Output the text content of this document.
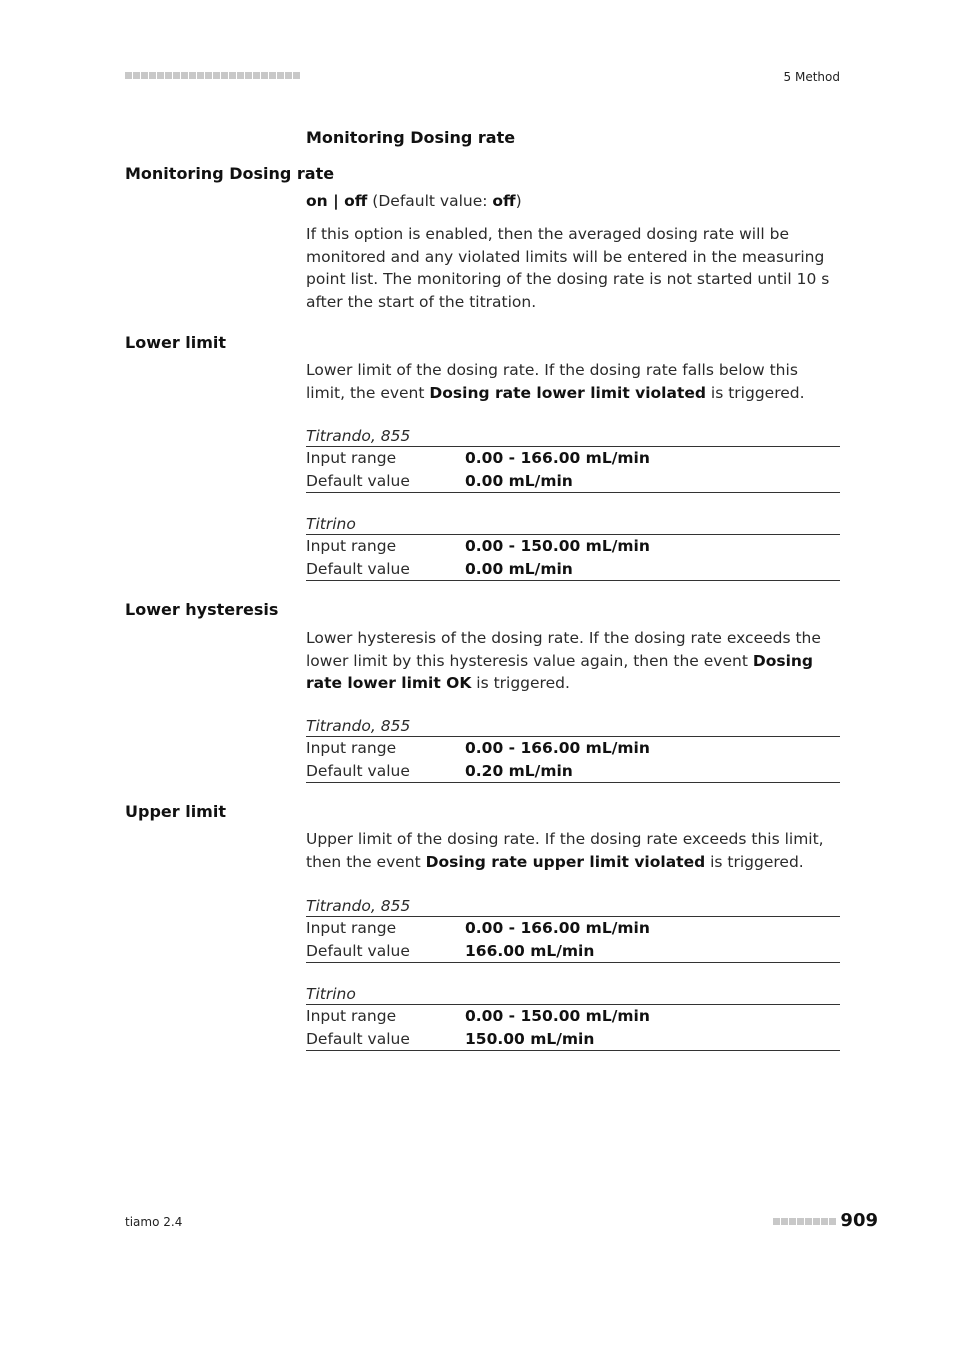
5 Method
Monitoring Dosing rate
Monitoring Dosing rate
on | off (Default value: off)
If this option is enabled, then the averaged dosing rate will be monitored and any violated limits will be entered in the measuring point list. The monitoring of the dosing rate is not started until 10 s after the start of the titration.
Lower limit
Lower limit of the dosing rate. If the dosing rate falls below this limit, the event Dosing rate lower limit violated is triggered.
Titrando, 855
Input range	0.00 - 166.00 mL/min
Default value	0.00 mL/min
Titrino
Input range	0.00 - 150.00 mL/min
Default value	0.00 mL/min
Lower hysteresis
Lower hysteresis of the dosing rate. If the dosing rate exceeds the lower limit by this hysteresis value again, then the event Dosing rate lower limit OK is triggered.
Titrando, 855
Input range	0.00 - 166.00 mL/min
Default value	0.20 mL/min
Upper limit
Upper limit of the dosing rate. If the dosing rate exceeds this limit, then the event Dosing rate upper limit violated is triggered.
Titrando, 855
Input range	0.00 - 166.00 mL/min
Default value	166.00 mL/min
Titrino
Input range	0.00 - 150.00 mL/min
Default value	150.00 mL/min
tiamo 2.4	909
